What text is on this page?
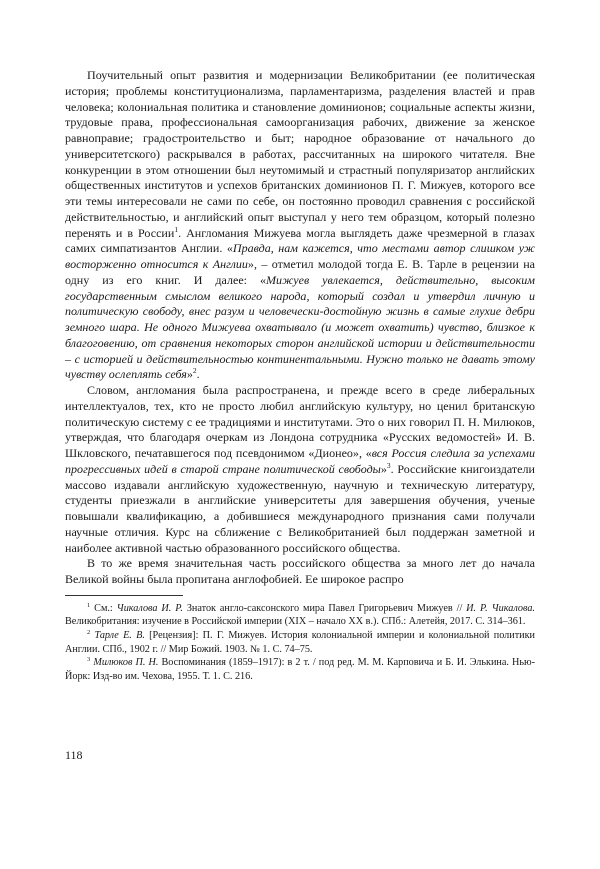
Поучительный опыт развития и модернизации Великобритании (ее политическая история; проблемы конституционализма, парламентаризма, разделения властей и прав человека; колониальная политика и становление доминионов; социальные аспекты жизни, трудовые права, профессиональная самоорганизация рабочих, движение за женское равноправие; градостроительство и быт; народное образование от начального до университетского) раскрывался в работах, рассчитанных на широкого читателя. Вне конкуренции в этом отношении был неутомимый и страстный популяризатор английских общественных институтов и успехов британских доминионов П. Г. Мижуев, которого все эти темы интересовали не сами по себе, он постоянно проводил сравнения с российской действительностью, и английский опыт выступал у него тем образцом, который полезно перенять и в России$^1$. Англомания Мижуева могла выглядеть даже чрезмерной в глазах самих симпатизантов Англии. «Правда, нам кажется, что местами автор слишком уж восторженно относится к Англии», – отметил молодой тогда Е. В. Тарле в рецензии на одну из его книг. И далее: «Мижуев увлекается, действительно, высоким государственным смыслом великого народа, который создал и утвердил личную и политическую свободу, внес разум и человечески-достойную жизнь в самые глухие дебри земного шара. Не одного Мижуева охватывало (и может охватить) чувство, близкое к благоговению, от сравнения некоторых сторон английской истории и действительности – с историей и действительностью континентальными. Нужно только не давать этому чувству ослеплять себя»$^2$.

Словом, англомания была распространена, и прежде всего в среде либеральных интеллектуалов, тех, кто не просто любил английскую культуру, но ценил британскую политическую систему с ее традициями и институтами. Это о них говорил П. Н. Милюков, утверждая, что благодаря очеркам из Лондона сотрудника «Русских ведомостей» И. В. Шкловского, печатавшегося под псевдонимом «Дионео», «вся Россия следила за успехами прогрессивных идей в старой стране политической свободы»$^3$. Российские книгоиздатели массово издавали английскую художественную, научную и техническую литературу, студенты приезжали в английские университеты для завершения обучения, ученые повышали квалификацию, а добившиеся международного признания сами получали научные отличия. Курс на сближение с Великобританией был поддержан заметной и наиболее активной частью образованного российского общества.

В то же время значительная часть российского общества за много лет до начала Великой войны была пропитана англофобией. Ее широкое распро

$^1$ См.: Чикалова И. Р. Знаток англо-саксонского мира Павел Григорьевич Мижуев // И. Р. Чикалова. Великобритания: изучение в Российской империи (XIX – начало XX в.). СПб.: Алетейя, 2017. С. 314–361.

$^2$ Тарле Е. В. [Рецензия]: П. Г. Мижуев. История колониальной империи и колониальной политики Англии. СПб., 1902 г. // Мир Божий. 1903. № 1. С. 74–75.

$^3$ Милюков П. Н. Воспоминания (1859–1917): в 2 т. / под ред. М. М. Карповича и Б. И. Элькина. Нью-Йорк: Изд-во им. Чехова, 1955. Т. 1. С. 216.

118
